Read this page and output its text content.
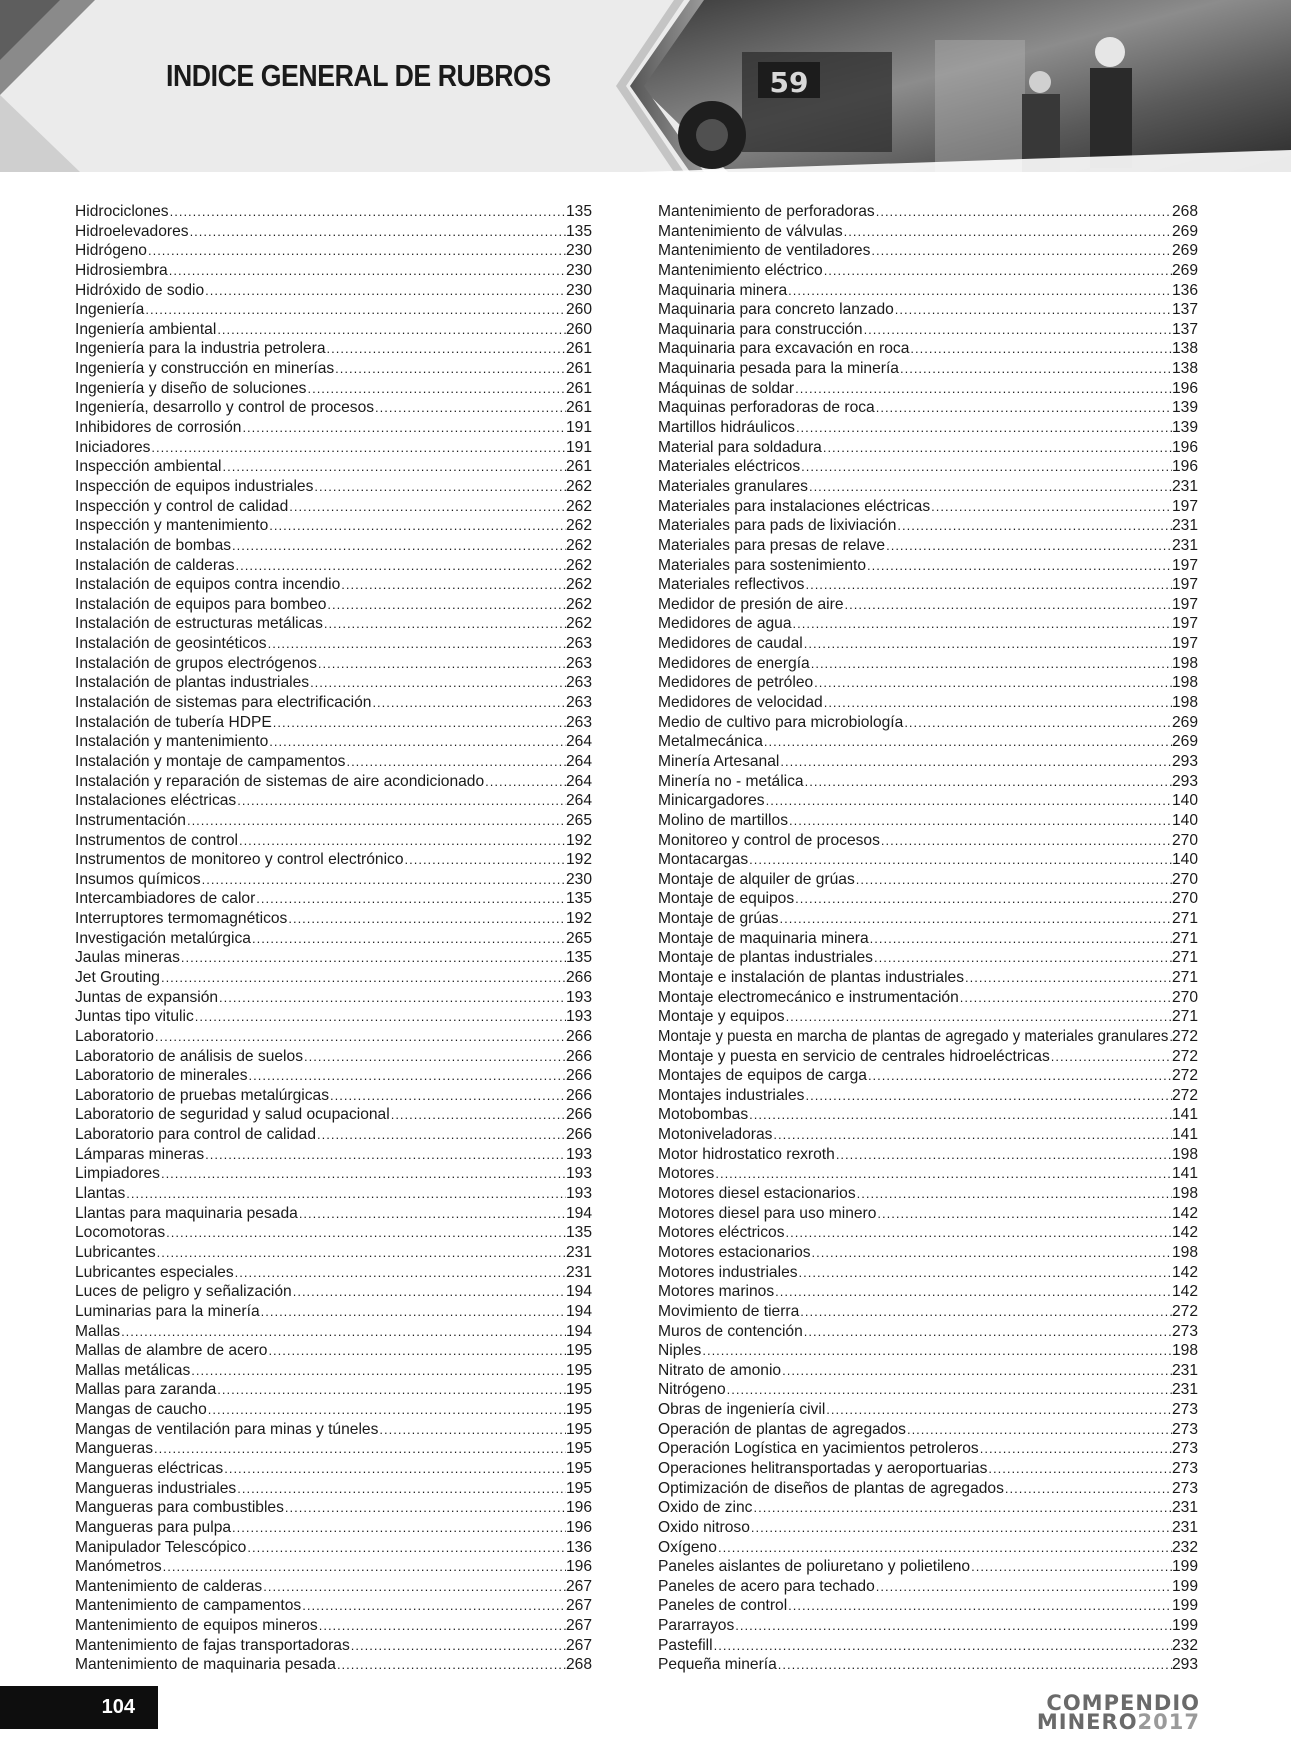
59
INDICE GENERAL DE RUBROS
Hidrociclones .....	135
Hidroelevadores .....	135
Hidrógeno .....	230
Hidrosiembra .....	230
Hidróxido de sodio .....	230
Ingeniería .....	260
Ingeniería ambiental .....	260
Ingeniería para la industria petrolera .....	261
Ingeniería y construcción en minerías .....	261
Ingeniería y diseño de soluciones .....	261
Ingeniería, desarrollo y control de procesos .....	261
Inhibidores de corrosión .....	191
Iniciadores .....	191
Inspección ambiental .....	261
Inspección de equipos industriales .....	262
Inspección y control de calidad .....	262
Inspección y mantenimiento .....	262
Instalación de bombas .....	262
Instalación de calderas .....	262
Instalación de equipos contra incendio .....	262
Instalación de equipos para bombeo .....	262
Instalación de estructuras metálicas .....	262
Instalación de geosintéticos .....	263
Instalación de grupos electrógenos .....	263
Instalación de plantas industriales .....	263
Instalación de sistemas para electrificación .....	263
Instalación de tubería HDPE .....	263
Instalación y mantenimiento .....	264
Instalación y montaje de campamentos .....	264
Instalación y reparación de sistemas de aire acondicionado .....	264
Instalaciones eléctricas .....	264
Instrumentación .....	265
Instrumentos de control .....	192
Instrumentos de monitoreo y control electrónico .....	192
Insumos químicos .....	230
Intercambiadores de calor .....	135
Interruptores termomagnéticos .....	192
Investigación metalúrgica .....	265
Jaulas mineras .....	135
Jet Grouting .....	266
Juntas de expansión .....	193
Juntas tipo vitulic .....	193
Laboratorio .....	266
Laboratorio de análisis de suelos .....	266
Laboratorio de minerales .....	266
Laboratorio de pruebas metalúrgicas .....	266
Laboratorio de seguridad y salud ocupacional .....	266
Laboratorio para control de calidad .....	266
Lámparas mineras .....	193
Limpiadores .....	193
Llantas .....	193
Llantas para maquinaria pesada .....	194
Locomotoras .....	135
Lubricantes .....	231
Lubricantes especiales .....	231
Luces de peligro y señalización .....	194
Luminarias para la minería .....	194
Mallas .....	194
Mallas de alambre de acero .....	195
Mallas metálicas .....	195
Mallas para zaranda .....	195
Mangas de caucho .....	195
Mangas de ventilación para minas y túneles .....	195
Mangueras .....	195
Mangueras eléctricas .....	195
Mangueras industriales .....	195
Mangueras para combustibles .....	196
Mangueras para pulpa .....	196
Manipulador Telescópico .....	136
Manómetros .....	196
Mantenimiento de calderas .....	267
Mantenimiento de campamentos .....	267
Mantenimiento de equipos mineros .....	267
Mantenimiento de fajas transportadoras .....	267
Mantenimiento de maquinaria pesada .....	268
Mantenimiento de perforadoras .....	268
Mantenimiento de válvulas .....	269
Mantenimiento de ventiladores .....	269
Mantenimiento eléctrico .....	269
Maquinaria minera .....	136
Maquinaria para concreto lanzado .....	137
Maquinaria para construcción .....	137
Maquinaria para excavación en roca .....	138
Maquinaria pesada para la minería .....	138
Máquinas de soldar .....	196
Maquinas perforadoras de roca .....	139
Martillos hidráulicos .....	139
Material para soldadura .....	196
Materiales eléctricos .....	196
Materiales granulares .....	231
Materiales para instalaciones eléctricas .....	197
Materiales para pads de lixiviación .....	231
Materiales para presas de relave .....	231
Materiales para sostenimiento .....	197
Materiales reflectivos .....	197
Medidor de presión de aire .....	197
Medidores de agua .....	197
Medidores de caudal .....	197
Medidores de energía .....	198
Medidores de petróleo .....	198
Medidores de velocidad .....	198
Medio de cultivo para microbiología .....	269
Metalmecánica .....	269
Minería Artesanal .....	293
Minería no - metálica .....	293
Minicargadores .....	140
Molino de martillos .....	140
Monitoreo y control de procesos .....	270
Montacargas .....	140
Montaje de alquiler de grúas .....	270
Montaje de equipos .....	270
Montaje de grúas .....	271
Montaje de maquinaria minera .....	271
Montaje de plantas industriales .....	271
Montaje e instalación de plantas industriales .....	271
Montaje electromecánico e instrumentación .....	270
Montaje y equipos .....	271
Montaje y puesta en marcha de plantas de agregado y materiales granulares ..... 272
Montaje y puesta en servicio de centrales hidroeléctricas .....	272
Montajes de equipos de carga .....	272
Montajes industriales .....	272
Motobombas .....	141
Motoniveladoras .....	141
Motor hidrostatico rexroth .....	198
Motores .....	141
Motores diesel estacionarios .....	198
Motores diesel para uso minero .....	142
Motores eléctricos .....	142
Motores estacionarios .....	198
Motores industriales .....	142
Motores marinos .....	142
Movimiento de tierra .....	272
Muros de contención .....	273
Niples .....	198
Nitrato de amonio .....	231
Nitrógeno .....	231
Obras de ingeniería civil .....	273
Operación de plantas de agregados .....	273
Operación Logística en yacimientos petroleros .....	273
Operaciones helitransportadas y aeroportuarias .....	273
Optimización de diseños de plantas de agregados .....	273
Oxido de zinc .....	231
Oxido nitroso .....	231
Oxígeno .....	232
Paneles aislantes de poliuretano y polietileno .....	199
Paneles de acero para techado .....	199
Paneles de control .....	199
Pararrayos .....	199
Pastefill .....	232
Pequeña minería .....	293
104	COMPENDIO
MINERO2017
